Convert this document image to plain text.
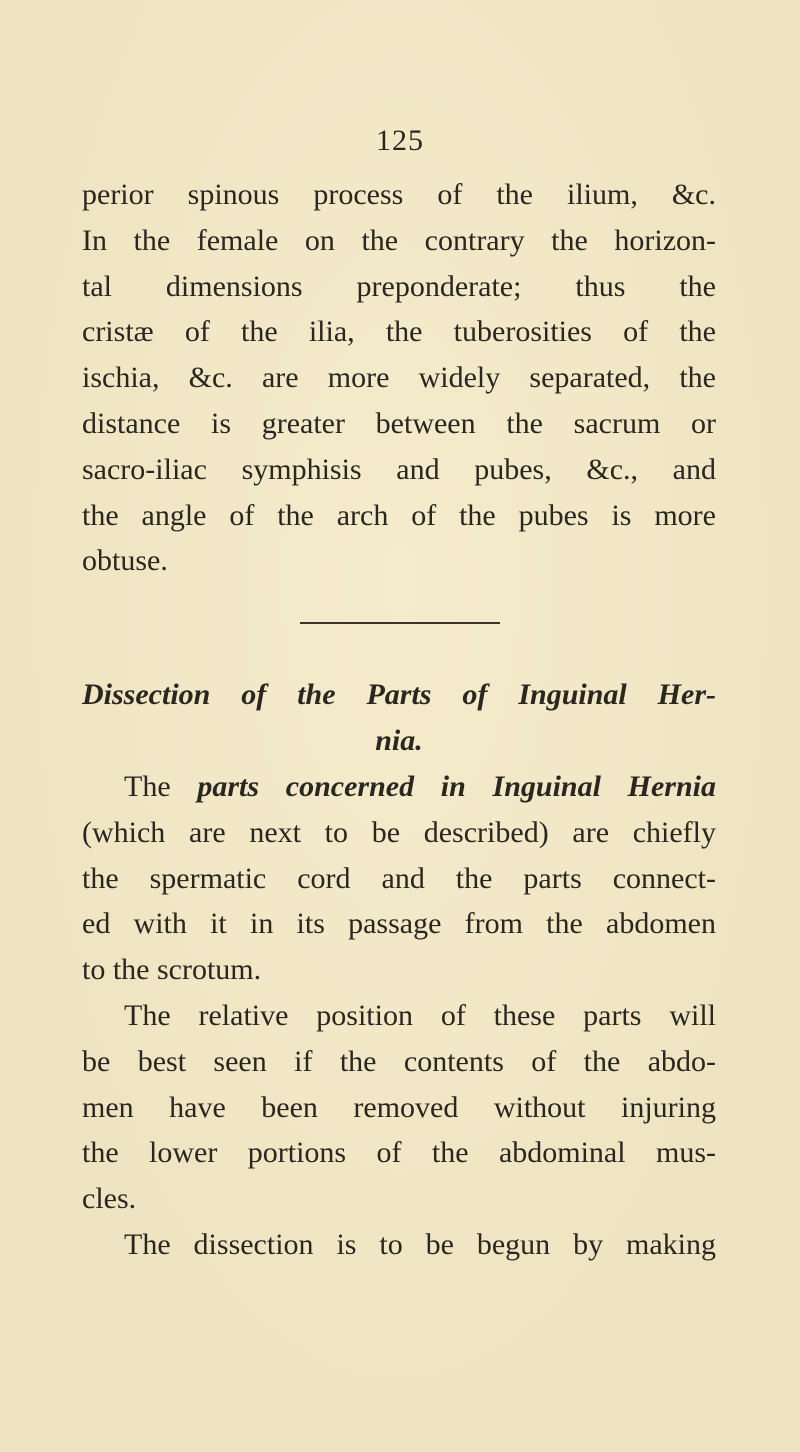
125
perior spinous process of the ilium, &c.
In the female on the contrary the horizon-
tal dimensions preponderate; thus the
cristæ of the ilia, the tuberosities of the
ischia, &c. are more widely separated, the
distance is greater between the sacrum or
sacro-iliac symphisis and pubes, &c., and
the angle of the arch of the pubes is more
obtuse.
Dissection of the Parts of Inguinal Her-
nia.
The parts concerned in Inguinal Hernia
(which are next to be described) are chiefly
the spermatic cord and the parts connect-
ed with it in its passage from the abdomen
to the scrotum.
The relative position of these parts will
be best seen if the contents of the abdo-
men have been removed without injuring
the lower portions of the abdominal mus-
cles.
The dissection is to be begun by making
